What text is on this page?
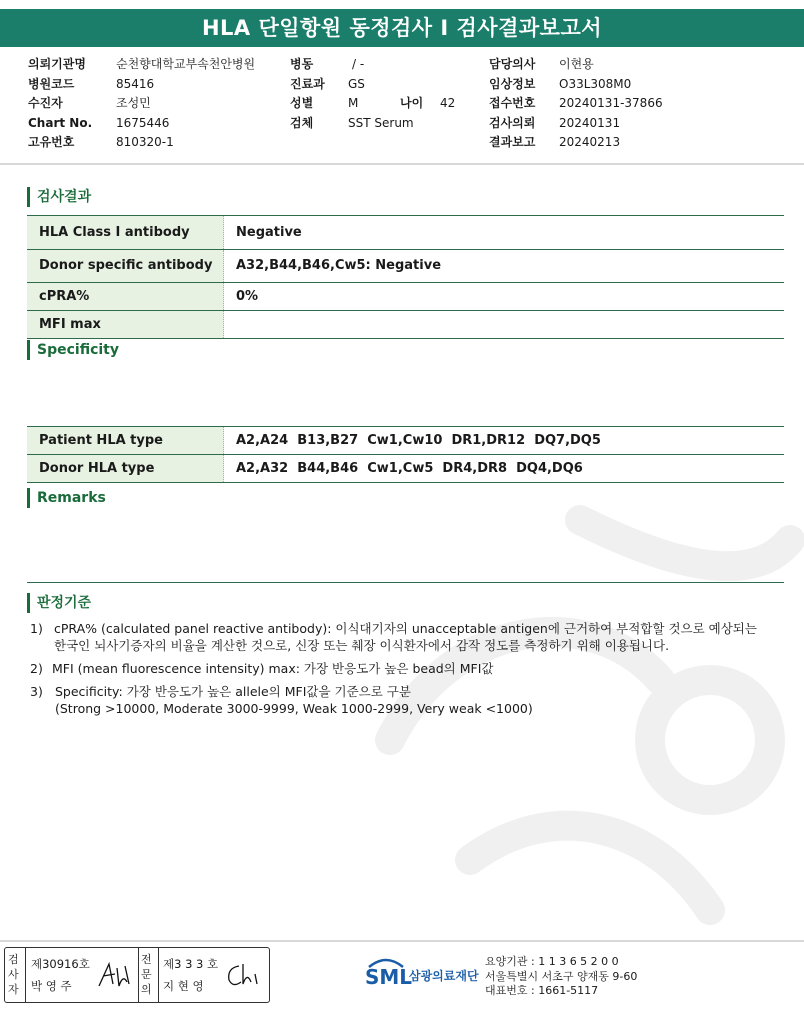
HLA 단일항원 동정검사 I 검사결과보고서
의뢰기관명	순천향대학교부속천안병원
병원코드	85416
수진자	조성민
Chart No.	1675446
고유번호	810320-1
병동	/ -
진료과	GS
성별	M	나이	42
검체	SST Serum
담당의사	이현용
임상정보	O33L308M0
접수번호	20240131-37866
검사의뢰	20240131
결과보고	20240213
검사결과
HLA Class I antibody	Negative
Donor specific antibody	A32,B44,B46,Cw5: Negative
cPRA%	0%
MFI max	
Specificity
Patient HLA type	A2,A24  B13,B27  Cw1,Cw10  DR1,DR12  DQ7,DQ5
Donor HLA type	A2,A32  B44,B46  Cw1,Cw5  DR4,DR8  DQ4,DQ6
Remarks
판정기준
1) cPRA% (calculated panel reactive antibody): 이식대기자의 unacceptable antigen에 근거하여 부적합할 것으로 예상되는
한국인 뇌사기증자의 비율을 계산한 것으로, 신장 또는 췌장 이식환자에서 감작 정도를 측정하기 위해 이용됩니다.
2) MFI (mean fluorescence intensity) max: 가장 반응도가 높은 bead의 MFI값
3) Specificity: 가장 반응도가 높은 allele의 MFI값을 기준으로 구분
(Strong >10000, Moderate 3000-9999, Weak 1000-2999, Very weak <1000)
검사자
제30916호
박 영 주
전문의
제3 3 3 호
지 현 영	SML
삼광의료재단
요양기관 : 1 1 3 6 5 2 0 0
서울특별시 서초구 양재동 9-60
대표번호 : 1661-5117
